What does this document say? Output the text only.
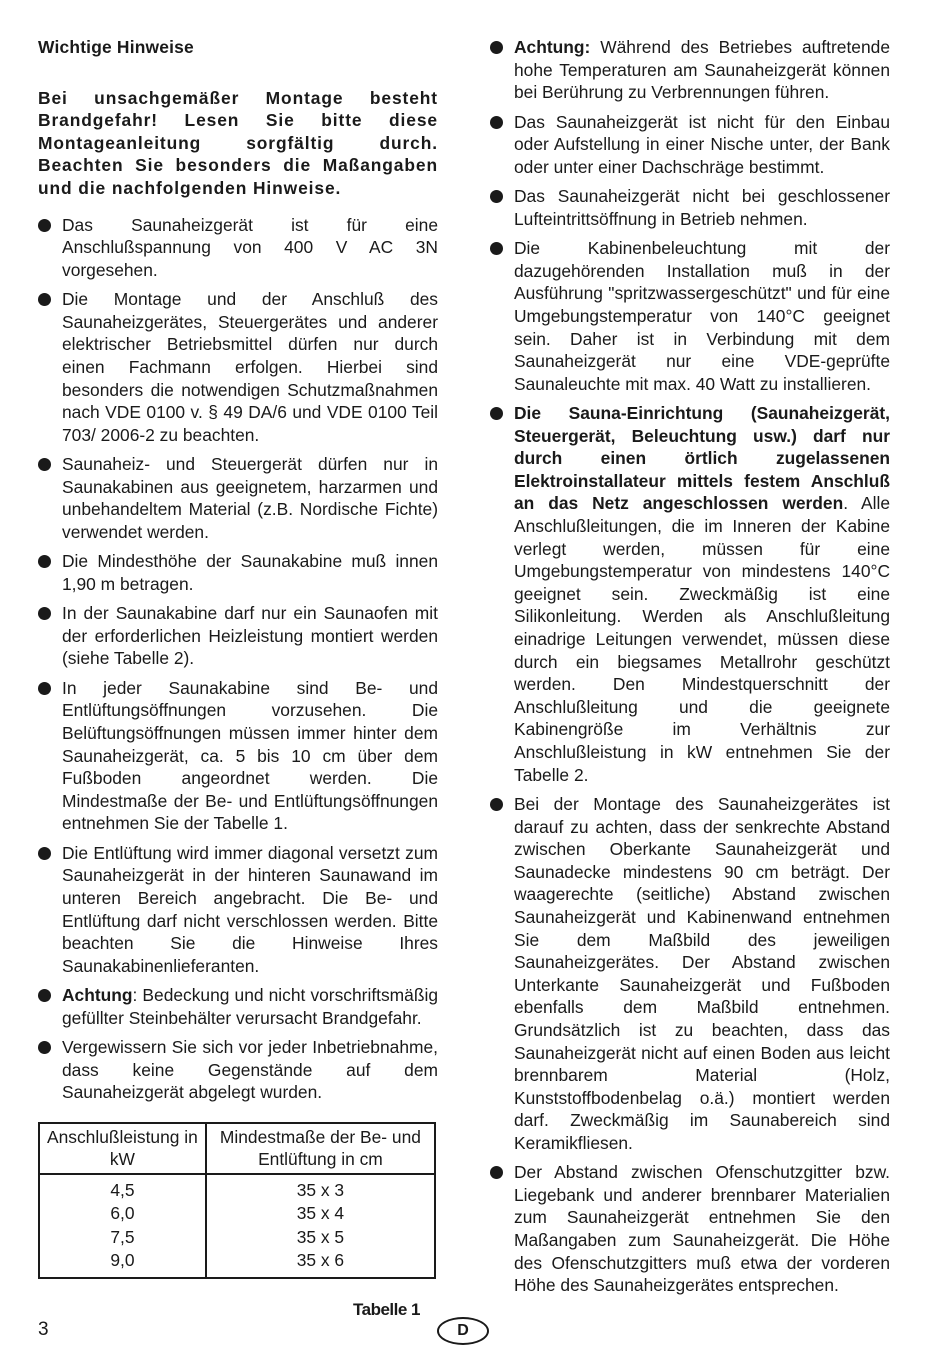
Wichtige Hinweise
Bei unsachgemäßer Montage besteht Brandgefahr! Lesen Sie bitte diese Montageanleitung sorgfältig durch. Beachten Sie besonders die Maßangaben und die nachfolgenden Hinweise.
Das Saunaheizgerät ist für eine Anschlußspannung von 400 V AC 3N vorgesehen.
Die Montage und der Anschluß des Saunaheizgerätes, Steuergerätes und anderer elektrischer Betriebsmittel dürfen nur durch einen Fachmann erfolgen. Hierbei sind besonders die notwendigen Schutzmaßnahmen nach VDE 0100 v. § 49 DA/6 und VDE 0100 Teil 703/ 2006-2 zu beachten.
Saunaheiz- und Steuergerät dürfen nur in Saunakabinen aus geeignetem, harzarmen und unbehandeltem Material (z.B. Nordische Fichte) verwendet werden.
Die Mindesthöhe der Saunakabine muß innen 1,90 m betragen.
In der Saunakabine darf nur ein Saunaofen mit der erforderlichen Heizleistung montiert werden (siehe Tabelle 2).
In jeder Saunakabine sind Be- und Entlüftungsöffnungen vorzusehen. Die Belüftungsöffnungen müssen immer hinter dem Saunaheizgerät, ca. 5 bis 10 cm über dem Fußboden angeordnet werden. Die Mindestmaße der Be- und Entlüftungsöffnungen entnehmen Sie der Tabelle 1.
Die Entlüftung wird immer diagonal versetzt zum Saunaheizgerät in der hinteren Saunawand im unteren Bereich angebracht. Die Be- und Entlüftung darf nicht verschlossen werden. Bitte beachten Sie die Hinweise Ihres Saunakabinenlieferanten.
Achtung: Bedeckung und nicht vorschriftsmäßig gefüllter Steinbehälter verursacht Brandgefahr.
Vergewissern Sie sich vor jeder Inbetriebnahme, dass keine Gegenstände auf dem Saunaheizgerät abgelegt wurden.
Anschlußleistung in kW	Mindestmaße der Be- und Entlüftung in cm
4,5	35 x 3
6,0	35 x 4
7,5	35 x 5
9,0	35 x 6
Tabelle 1
Achtung: Während des Betriebes auftretende hohe Temperaturen am Saunaheizgerät können bei Berührung zu Verbrennungen führen.
Das Saunaheizgerät ist nicht für den Einbau oder Aufstellung in einer Nische unter, der Bank oder unter einer Dachschräge bestimmt.
Das Saunaheizgerät nicht bei geschlossener Lufteintrittsöffnung in Betrieb nehmen.
Die Kabinenbeleuchtung mit der dazugehörenden Installation muß in der Ausführung "spritzwassergeschützt" und für eine Umgebungstemperatur von 140°C geeignet sein. Daher ist in Verbindung mit dem Saunaheizgerät nur eine VDE-geprüfte Saunaleuchte mit max. 40 Watt zu installieren.
Die Sauna-Einrichtung (Saunaheizgerät, Steuergerät, Beleuchtung usw.) darf nur durch einen örtlich zugelassenen Elektroinstallateur mittels festem Anschluß an das Netz angeschlossen werden. Alle Anschlußleitungen, die im Inneren der Kabine verlegt werden, müssen für eine Umgebungstemperatur von mindestens 140°C geeignet sein. Zweckmäßig ist eine Silikonleitung. Werden als Anschlußleitung einadrige Leitungen verwendet, müssen diese durch ein biegsames Metallrohr geschützt werden. Den Mindestquerschnitt der Anschlußleitung und die geeignete Kabinengröße im Verhältnis zur Anschlußleistung in kW entnehmen Sie der Tabelle 2.
Bei der Montage des Saunaheizgerätes ist darauf zu achten, dass der senkrechte Abstand zwischen Oberkante Saunaheizgerät und Saunadecke mindestens 90 cm beträgt. Der waagerechte (seitliche) Abstand zwischen Saunaheizgerät und Kabinenwand entnehmen Sie dem Maßbild des jeweiligen Saunaheizgerätes. Der Abstand zwischen Unterkante Saunaheizgerät und Fußboden ebenfalls dem Maßbild entnehmen. Grundsätzlich ist zu beachten, dass das Saunaheizgerät nicht auf einen Boden aus leicht brennbarem Material (Holz, Kunststoffbodenbelag o.ä.) montiert werden darf. Zweckmäßig im Saunabereich sind Keramikfliesen.
Der Abstand zwischen Ofenschutzgitter bzw. Liegebank und anderer brennbarer Materialien zum Saunaheizgerät entnehmen Sie den Maßangaben zum Saunaheizgerät. Die Höhe des Ofenschutzgitters muß etwa der vorderen Höhe des Saunaheizgerätes entsprechen.
3	D
